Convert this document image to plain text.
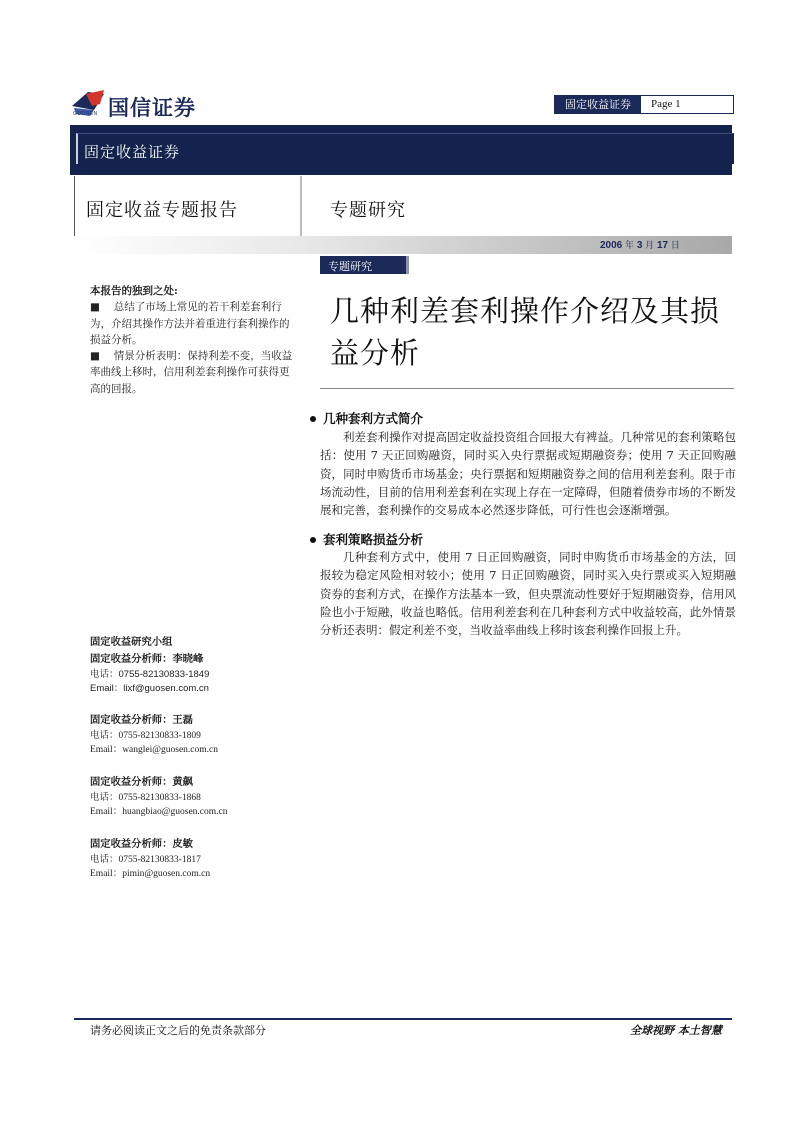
国信证券
GUOSEN
固定收益证券	Page 1
固定收益证券
固定收益专题报告	专题研究
2006 年 3 月 17 日
专题研究
几种利差套利操作介绍及其损益分析

本报告的独到之处:

■　 总结了市场上常见的若干利差套利行为，介绍其操作方法并着重进行套利操作的损益分析。

■　 情景分析表明：保持利差不变，当收益率曲线上移时，信用利差套利操作可获得更高的回报。

几种套利方式简介

利差套利操作对提高固定收益投资组合回报大有裨益。几种常见的套利策略包括：使用 7 天正回购融资，同时买入央行票据或短期融资券；使用 7 天正回购融资，同时申购货币市场基金；央行票据和短期融资券之间的信用利差套利。限于市场流动性，目前的信用利差套利在实现上存在一定障碍，但随着债券市场的不断发展和完善，套利操作的交易成本必然逐步降低，可行性也会逐渐增强。

套利策略损益分析

几种套利方式中，使用 7 日正回购融资，同时申购货币市场基金的方法，回报较为稳定风险相对较小；使用 7 日正回购融资，同时买入央行票或买入短期融资券的套利方式，在操作方法基本一致，但央票流动性要好于短期融资券，信用风险也小于短融，收益也略低。信用利差套利在几种套利方式中收益较高，此外情景分析还表明：假定利差不变，当收益率曲线上移时该套利操作回报上升。

固定收益研究小组
固定收益分析师：李晓峰
电话：0755-82130833-1849
Email：lixf@guosen.com.cn
固定收益分析师：王磊
电话：0755-82130833-1809
Email：wanglei@guosen.com.cn
固定收益分析师：黄飙
电话：0755-82130833-1868
Email：huangbiao@guosen.com.cn
固定收益分析师：皮敏
电话：0755-82130833-1817
Email：pimin@guosen.com.cn
请务必阅读正文之后的免责条款部分	全球视野 本土智慧
